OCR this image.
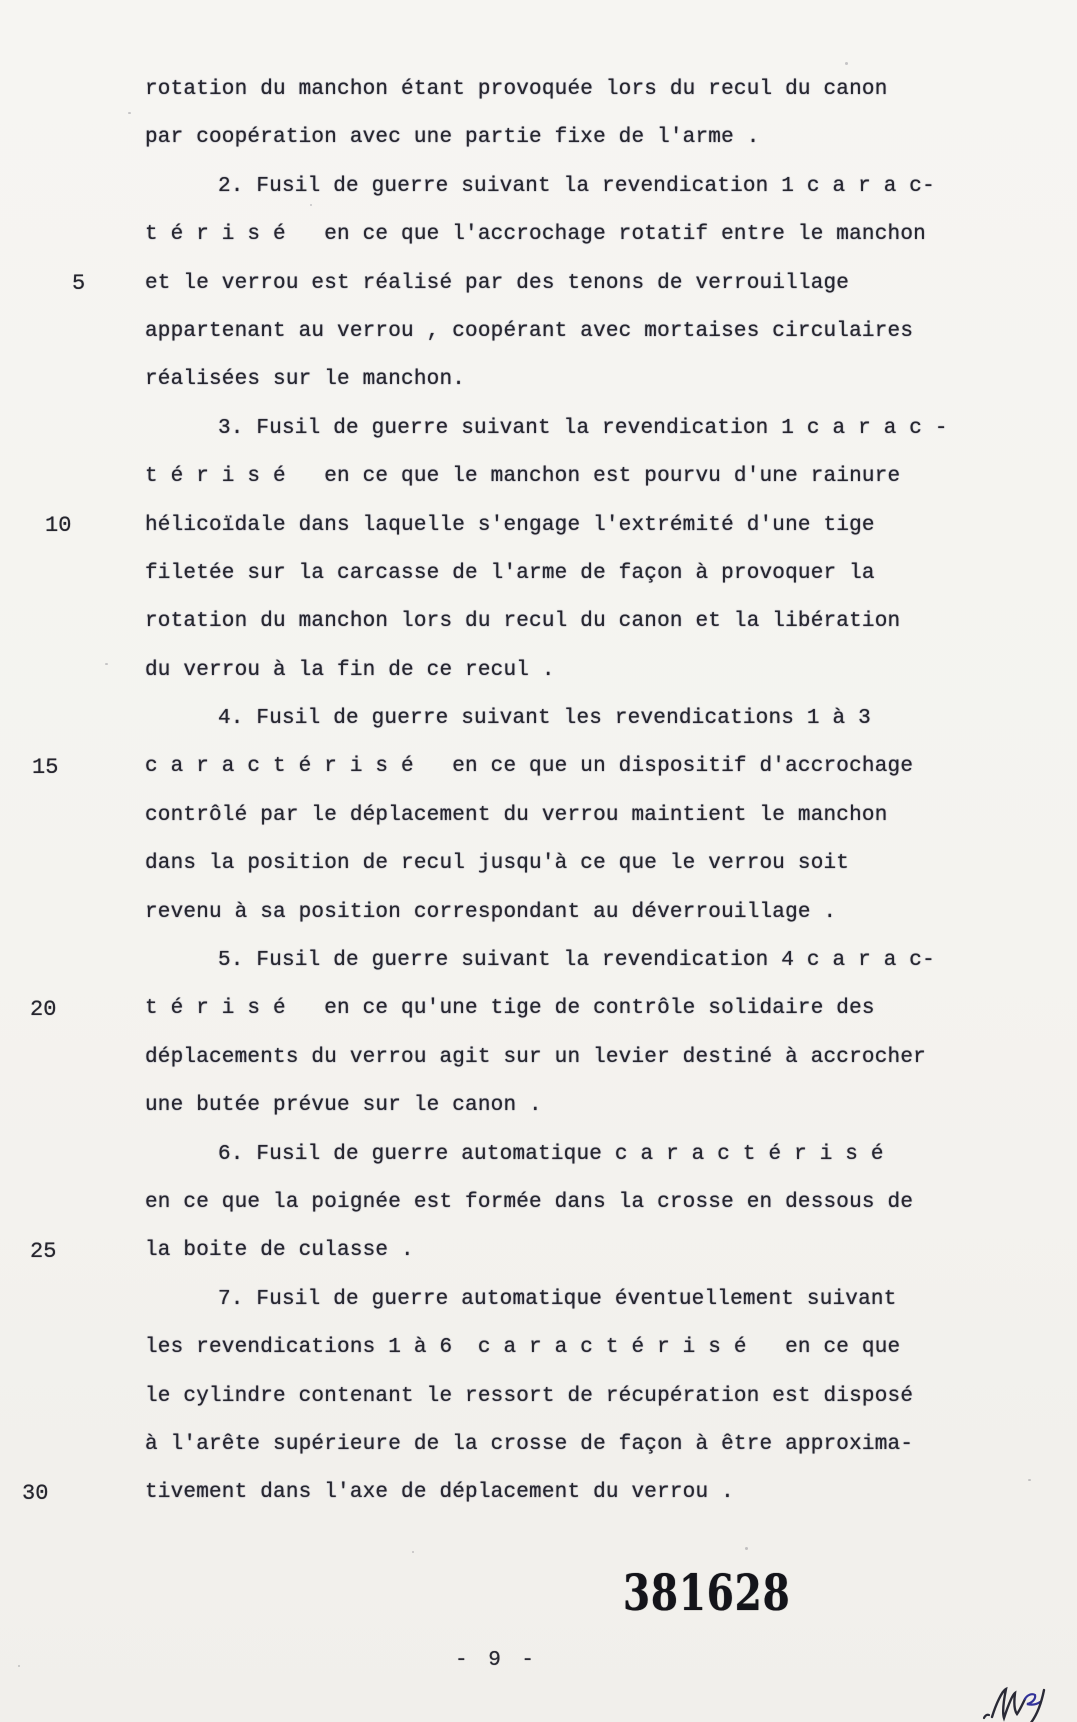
rotation du manchon étant provoquée lors du recul du canon
par coopération avec une partie fixe de l'arme .
2. Fusil de guerre suivant la revendication 1 c a r a c-
t é r i s é   en ce que l'accrochage rotatif entre le manchon
et le verrou est réalisé par des tenons de verrouillage
appartenant au verrou , coopérant avec mortaises circulaires
réalisées sur le manchon.
3. Fusil de guerre suivant la revendication 1 c a r a c -
t é r i s é   en ce que le manchon est pourvu d'une rainure
hélicoïdale dans laquelle s'engage l'extrémité d'une tige
filetée sur la carcasse de l'arme de façon à provoquer la
rotation du manchon lors du recul du canon et la libération
du verrou à la fin de ce recul .
4. Fusil de guerre suivant les revendications 1 à 3
c a r a c t é r i s é   en ce que un dispositif d'accrochage
contrôlé par le déplacement du verrou maintient le manchon
dans la position de recul jusqu'à ce que le verrou soit
revenu à sa position correspondant au déverrouillage .
5. Fusil de guerre suivant la revendication 4 c a r a c-
t é r i s é   en ce qu'une tige de contrôle solidaire des
déplacements du verrou agit sur un levier destiné à accrocher
une butée prévue sur le canon .
6. Fusil de guerre automatique c a r a c t é r i s é
en ce que la poignée est formée dans la crosse en dessous de
la boite de culasse .
7. Fusil de guerre automatique éventuellement suivant
les revendications 1 à 6  c a r a c t é r i s é   en ce que
le cylindre contenant le ressort de récupération est disposé
à l'arête supérieure de la crosse de façon à être approxima-
tivement dans l'axe de déplacement du verrou .
381628
- 9 -
5
10
15
20
25
30
